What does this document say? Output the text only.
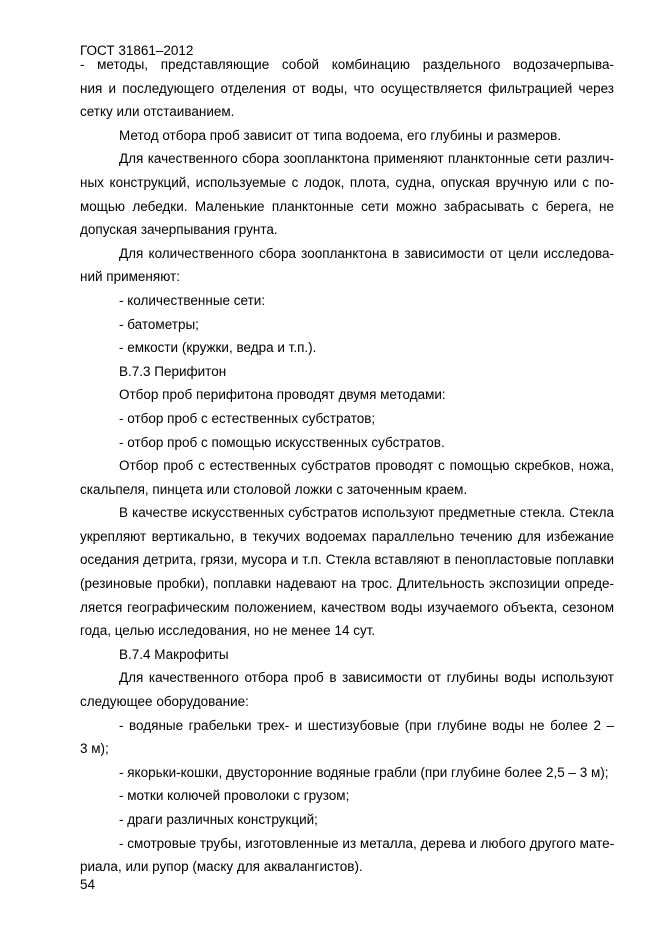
ГОСТ 31861–2012
- методы, представляющие собой комбинацию раздельного водозачерпыва-
ния и последующего отделения от воды, что осуществляется фильтрацией через
сетку или отстаиванием.
Метод отбора проб зависит от типа водоема, его глубины и размеров.
Для качественного сбора зоопланктона применяют планктонные сети различ-
ных конструкций, используемые с лодок, плота, судна, опуская вручную или с по-
мощью лебедки. Маленькие планктонные сети можно забрасывать с берега, не
допуская зачерпывания грунта.
Для количественного сбора зоопланктона в зависимости от цели исследова-
ний применяют:
- количественные сети:
- батометры;
- емкости (кружки, ведра и т.п.).
В.7.3 Перифитон
Отбор проб перифитона проводят двумя методами:
- отбор проб с естественных субстратов;
- отбор проб с помощью искусственных субстратов.
Отбор проб с естественных субстратов проводят с помощью скребков, ножа,
скальпеля, пинцета или столовой ложки с заточенным краем.
В качестве искусственных субстратов используют предметные стекла. Стекла
укрепляют вертикально, в текучих водоемах параллельно течению для избежание
оседания детрита, грязи, мусора и т.п. Стекла вставляют в пенопластовые поплавки
(резиновые пробки), поплавки надевают на трос. Длительность экспозиции опреде-
ляется географическим положением, качеством воды изучаемого объекта, сезоном
года, целью исследования, но не менее 14 сут.
В.7.4 Макрофиты
Для качественного отбора проб в зависимости от глубины воды используют
следующее оборудование:
- водяные грабельки трех- и шестизубовые (при глубине воды не более 2 –
3 м);
- якорьки-кошки, двусторонние водяные грабли (при глубине более 2,5 – 3 м);
- мотки колючей проволоки с грузом;
- драги различных конструкций;
- смотровые трубы, изготовленные из металла, дерева и любого другого мате-
риала, или рупор (маску для аквалангистов).
54
